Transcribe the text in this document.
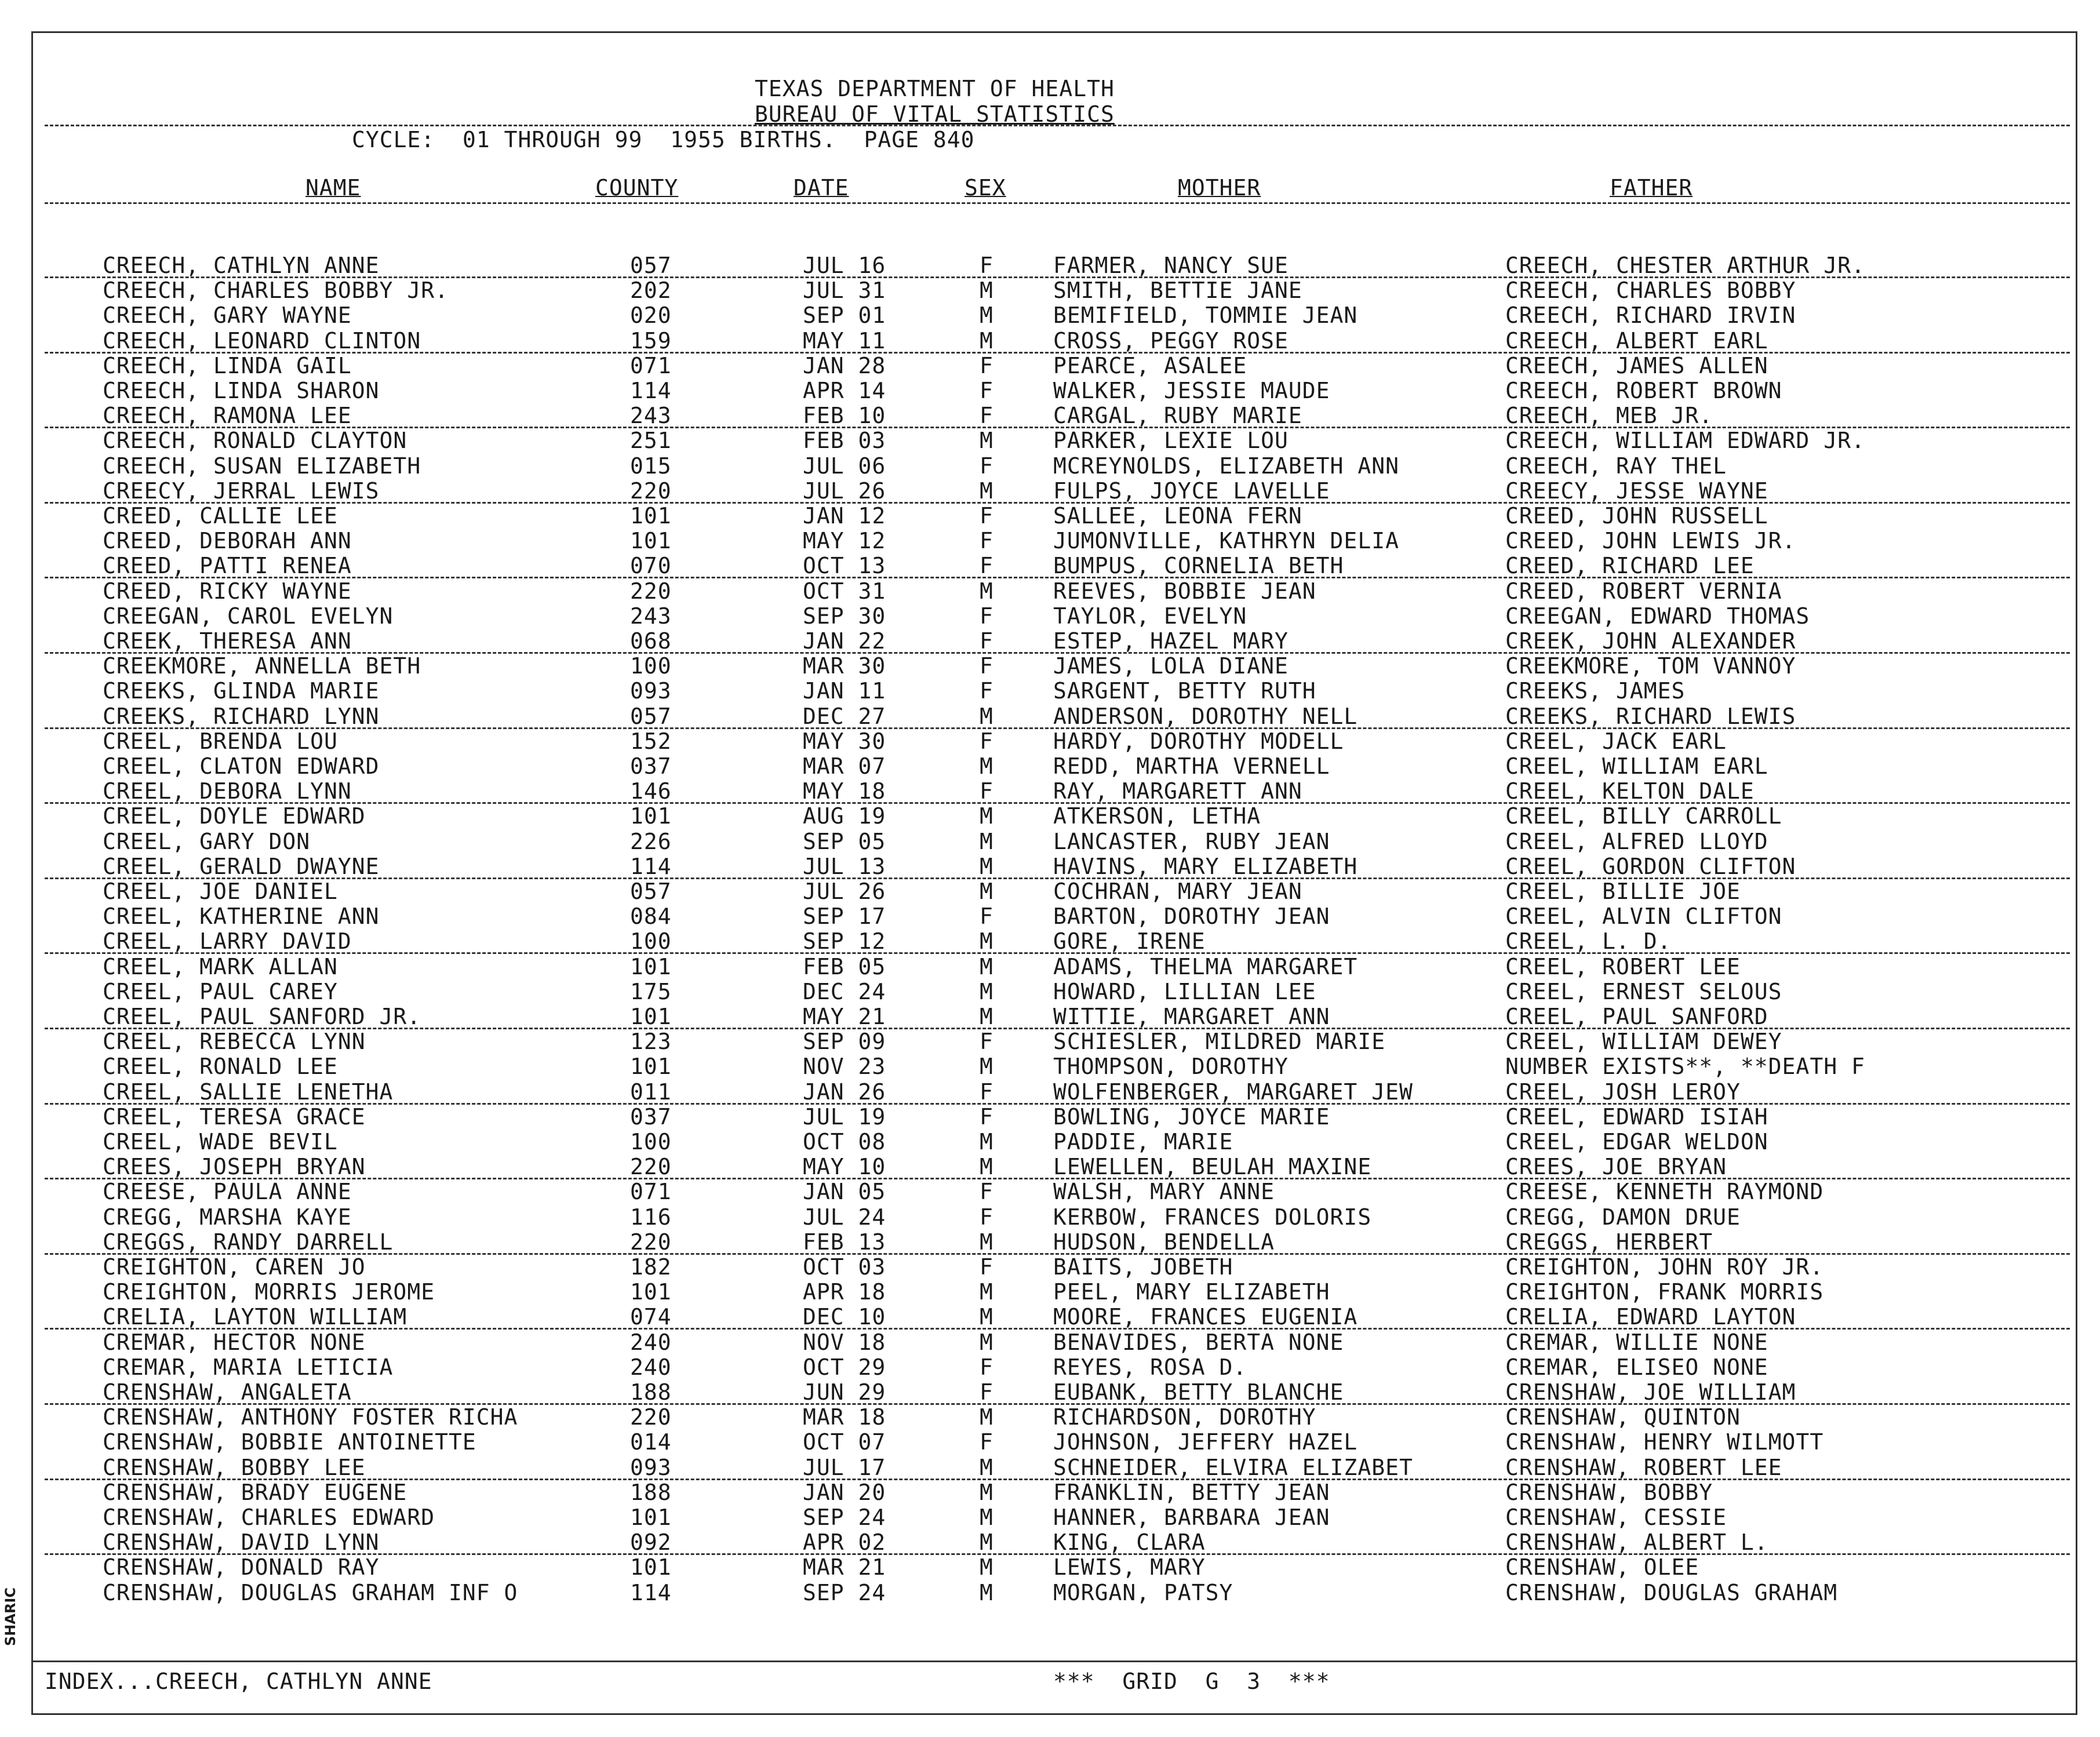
TEXAS DEPARTMENT OF HEALTH
BUREAU OF VITAL STATISTICS
CYCLE:  01 THROUGH 99  1955 BIRTHS.  PAGE 840
NAME	COUNTY	DATE	SEX	MOTHER	FATHER
CREECH, CATHLYN ANNE	057	JUL 16	F	FARMER, NANCY SUE	CREECH, CHESTER ARTHUR JR.
CREECH, CHARLES BOBBY JR.	202	JUL 31	M	SMITH, BETTIE JANE	CREECH, CHARLES BOBBY
CREECH, GARY WAYNE	020	SEP 01	M	BEMIFIELD, TOMMIE JEAN	CREECH, RICHARD IRVIN
CREECH, LEONARD CLINTON	159	MAY 11	M	CROSS, PEGGY ROSE	CREECH, ALBERT EARL
CREECH, LINDA GAIL	071	JAN 28	F	PEARCE, ASALEE	CREECH, JAMES ALLEN
CREECH, LINDA SHARON	114	APR 14	F	WALKER, JESSIE MAUDE	CREECH, ROBERT BROWN
CREECH, RAMONA LEE	243	FEB 10	F	CARGAL, RUBY MARIE	CREECH, MEB JR.
CREECH, RONALD CLAYTON	251	FEB 03	M	PARKER, LEXIE LOU	CREECH, WILLIAM EDWARD JR.
CREECH, SUSAN ELIZABETH	015	JUL 06	F	MCREYNOLDS, ELIZABETH ANN	CREECH, RAY THEL
CREECY, JERRAL LEWIS	220	JUL 26	M	FULPS, JOYCE LAVELLE	CREECY, JESSE WAYNE
CREED, CALLIE LEE	101	JAN 12	F	SALLEE, LEONA FERN	CREED, JOHN RUSSELL
CREED, DEBORAH ANN	101	MAY 12	F	JUMONVILLE, KATHRYN DELIA	CREED, JOHN LEWIS JR.
CREED, PATTI RENEA	070	OCT 13	F	BUMPUS, CORNELIA BETH	CREED, RICHARD LEE
CREED, RICKY WAYNE	220	OCT 31	M	REEVES, BOBBIE JEAN	CREED, ROBERT VERNIA
CREEGAN, CAROL EVELYN	243	SEP 30	F	TAYLOR, EVELYN	CREEGAN, EDWARD THOMAS
CREEK, THERESA ANN	068	JAN 22	F	ESTEP, HAZEL MARY	CREEK, JOHN ALEXANDER
CREEKMORE, ANNELLA BETH	100	MAR 30	F	JAMES, LOLA DIANE	CREEKMORE, TOM VANNOY
CREEKS, GLINDA MARIE	093	JAN 11	F	SARGENT, BETTY RUTH	CREEKS, JAMES
CREEKS, RICHARD LYNN	057	DEC 27	M	ANDERSON, DOROTHY NELL	CREEKS, RICHARD LEWIS
CREEL, BRENDA LOU	152	MAY 30	F	HARDY, DOROTHY MODELL	CREEL, JACK EARL
CREEL, CLATON EDWARD	037	MAR 07	M	REDD, MARTHA VERNELL	CREEL, WILLIAM EARL
CREEL, DEBORA LYNN	146	MAY 18	F	RAY, MARGARETT ANN	CREEL, KELTON DALE
CREEL, DOYLE EDWARD	101	AUG 19	M	ATKERSON, LETHA	CREEL, BILLY CARROLL
CREEL, GARY DON	226	SEP 05	M	LANCASTER, RUBY JEAN	CREEL, ALFRED LLOYD
CREEL, GERALD DWAYNE	114	JUL 13	M	HAVINS, MARY ELIZABETH	CREEL, GORDON CLIFTON
CREEL, JOE DANIEL	057	JUL 26	M	COCHRAN, MARY JEAN	CREEL, BILLIE JOE
CREEL, KATHERINE ANN	084	SEP 17	F	BARTON, DOROTHY JEAN	CREEL, ALVIN CLIFTON
CREEL, LARRY DAVID	100	SEP 12	M	GORE, IRENE	CREEL, L. D.
CREEL, MARK ALLAN	101	FEB 05	M	ADAMS, THELMA MARGARET	CREEL, ROBERT LEE
CREEL, PAUL CAREY	175	DEC 24	M	HOWARD, LILLIAN LEE	CREEL, ERNEST SELOUS
CREEL, PAUL SANFORD JR.	101	MAY 21	M	WITTIE, MARGARET ANN	CREEL, PAUL SANFORD
CREEL, REBECCA LYNN	123	SEP 09	F	SCHIESLER, MILDRED MARIE	CREEL, WILLIAM DEWEY
CREEL, RONALD LEE	101	NOV 23	M	THOMPSON, DOROTHY	NUMBER EXISTS**, **DEATH F
CREEL, SALLIE LENETHA	011	JAN 26	F	WOLFENBERGER, MARGARET JEW	CREEL, JOSH LEROY
CREEL, TERESA GRACE	037	JUL 19	F	BOWLING, JOYCE MARIE	CREEL, EDWARD ISIAH
CREEL, WADE BEVIL	100	OCT 08	M	PADDIE, MARIE	CREEL, EDGAR WELDON
CREES, JOSEPH BRYAN	220	MAY 10	M	LEWELLEN, BEULAH MAXINE	CREES, JOE BRYAN
CREESE, PAULA ANNE	071	JAN 05	F	WALSH, MARY ANNE	CREESE, KENNETH RAYMOND
CREGG, MARSHA KAYE	116	JUL 24	F	KERBOW, FRANCES DOLORIS	CREGG, DAMON DRUE
CREGGS, RANDY DARRELL	220	FEB 13	M	HUDSON, BENDELLA	CREGGS, HERBERT
CREIGHTON, CAREN JO	182	OCT 03	F	BAITS, JOBETH	CREIGHTON, JOHN ROY JR.
CREIGHTON, MORRIS JEROME	101	APR 18	M	PEEL, MARY ELIZABETH	CREIGHTON, FRANK MORRIS
CRELIA, LAYTON WILLIAM	074	DEC 10	M	MOORE, FRANCES EUGENIA	CRELIA, EDWARD LAYTON
CREMAR, HECTOR NONE	240	NOV 18	M	BENAVIDES, BERTA NONE	CREMAR, WILLIE NONE
CREMAR, MARIA LETICIA	240	OCT 29	F	REYES, ROSA D.	CREMAR, ELISEO NONE
CRENSHAW, ANGALETA	188	JUN 29	F	EUBANK, BETTY BLANCHE	CRENSHAW, JOE WILLIAM
CRENSHAW, ANTHONY FOSTER RICHA	220	MAR 18	M	RICHARDSON, DOROTHY	CRENSHAW, QUINTON
CRENSHAW, BOBBIE ANTOINETTE	014	OCT 07	F	JOHNSON, JEFFERY HAZEL	CRENSHAW, HENRY WILMOTT
CRENSHAW, BOBBY LEE	093	JUL 17	M	SCHNEIDER, ELVIRA ELIZABET	CRENSHAW, ROBERT LEE
CRENSHAW, BRADY EUGENE	188	JAN 20	M	FRANKLIN, BETTY JEAN	CRENSHAW, BOBBY
CRENSHAW, CHARLES EDWARD	101	SEP 24	M	HANNER, BARBARA JEAN	CRENSHAW, CESSIE
CRENSHAW, DAVID LYNN	092	APR 02	M	KING, CLARA	CRENSHAW, ALBERT L.
CRENSHAW, DONALD RAY	101	MAR 21	M	LEWIS, MARY	CRENSHAW, OLEE
CRENSHAW, DOUGLAS GRAHAM INF O	114	SEP 24	M	MORGAN, PATSY	CRENSHAW, DOUGLAS GRAHAM
INDEX...CREECH, CATHLYN ANNE	***  GRID  G  3  ***
SHARIC
